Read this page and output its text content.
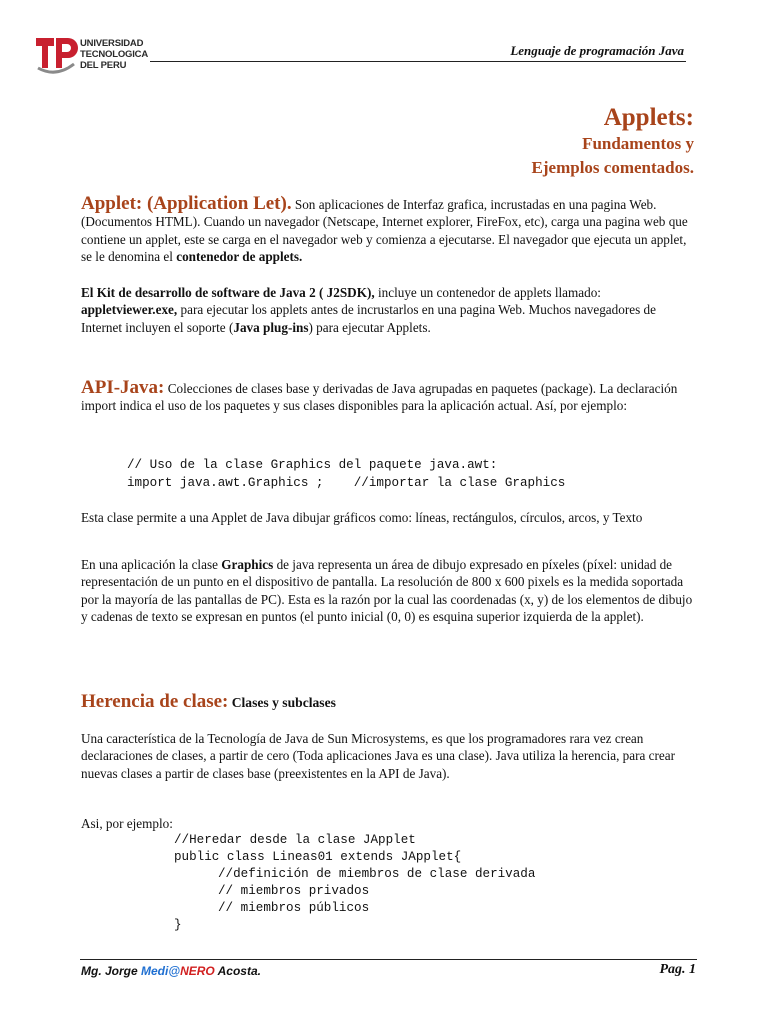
UNIVERSIDAD
TECNOLOGICA
DEL PERU
Lenguaje de programación Java
Applets:
Fundamentos y
Ejemplos comentados.
Applet: (Application Let). Son aplicaciones de Interfaz grafica, incrustadas en una pagina Web. (Documentos HTML). Cuando un navegador (Netscape, Internet explorer, FireFox, etc), carga una pagina web que contiene un applet, este se carga en el navegador web y comienza a ejecutarse. El navegador que ejecuta un applet, se le denomina el contenedor de applets.
El Kit de desarrollo de software de Java 2 ( J2SDK), incluye un contenedor de applets llamado: appletviewer.exe, para ejecutar los applets antes de incrustarlos en una pagina Web. Muchos navegadores de Internet incluyen el soporte (Java plug-ins) para ejecutar Applets.
API-Java: Colecciones de clases base y derivadas de Java agrupadas en paquetes (package). La declaración import indica el uso de los paquetes y sus clases disponibles para la aplicación actual. Así, por ejemplo:
// Uso de la clase Graphics del paquete java.awt:
import java.awt.Graphics ;    //importar la clase Graphics
Esta clase permite a una Applet de Java dibujar gráficos como: líneas, rectángulos, círculos, arcos, y Texto
En una aplicación la clase Graphics de java representa un área de dibujo expresado en píxeles (píxel: unidad de representación de un punto en el dispositivo de pantalla. La resolución de 800 x 600 pixels es la medida soportada por la mayoría de las pantallas de PC). Esta es la razón por la cual las coordenadas (x, y) de los elementos de dibujo y cadenas de texto se expresan en puntos (el punto inicial (0, 0) es esquina superior izquierda de la applet).
Herencia de clase: Clases y subclases
Una característica de la Tecnología de Java de Sun Microsystems, es que los programadores rara vez crean declaraciones de clases, a partir de cero (Toda aplicaciones Java es una clase). Java utiliza la herencia, para crear nuevas clases a partir de clases base (preexistentes en la API de Java).
Asi, por ejemplo:
//Heredar desde la clase JApplet
public class Lineas01 extends JApplet{
//definición de miembros de clase derivada
// miembros privados
// miembros públicos
}
Mg. Jorge Medi@NERO Acosta.	Pag. 1
